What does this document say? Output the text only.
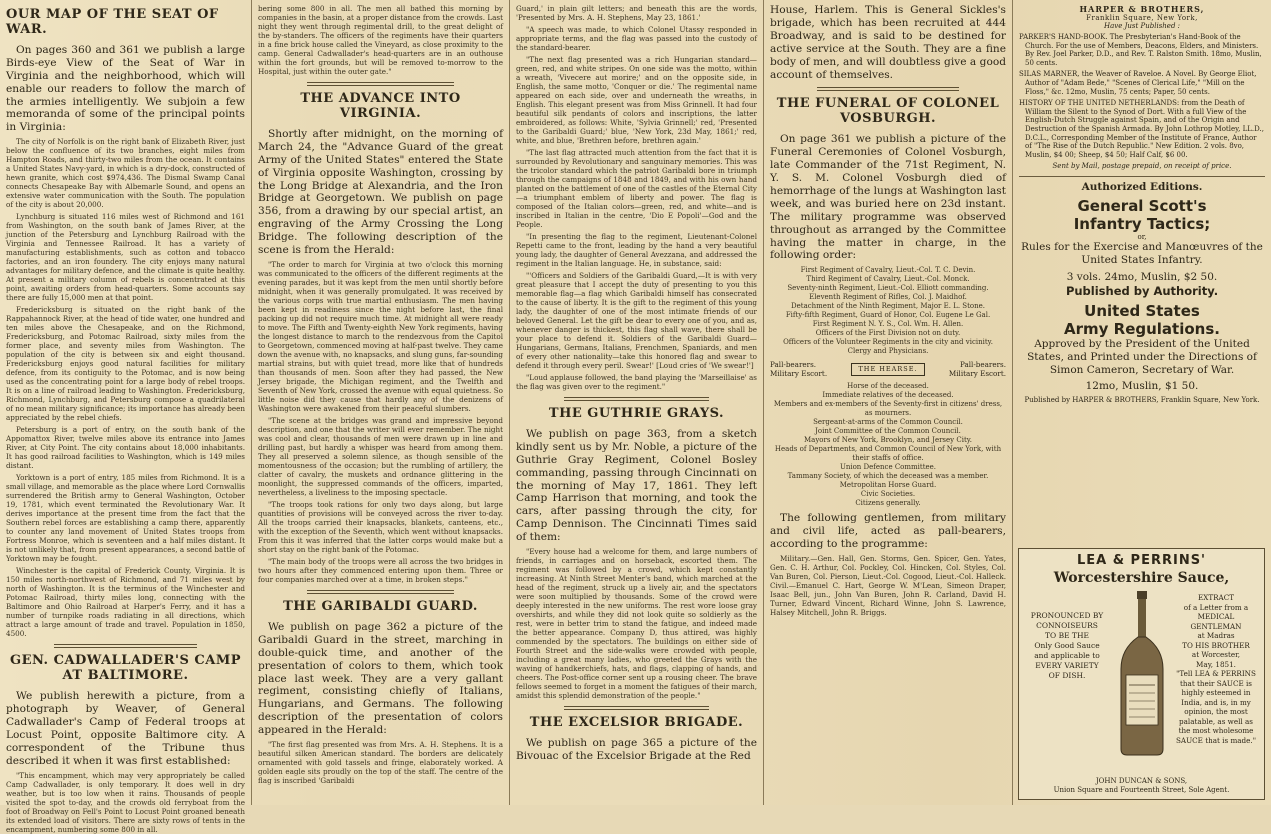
OUR MAP OF THE SEAT OF WAR.

On pages 360 and 361 we publish a large Birds-eye View of the Seat of War in Virginia and the neighborhood, which will enable our readers to follow the march of the armies intelligently. We subjoin a few memoranda of some of the principal points in Virginia:

The city of Norfolk is on the right bank of Elizabeth River, just below the confluence of its two branches, eight miles from Hampton Roads, and thirty-two miles from the ocean. It contains a United States Navy-yard, in which is a dry-dock, constructed of hewn granite, which cost $974,436. The Dismal Swamp Canal connects Chesapeake Bay with Albemarle Sound, and opens an extensive water communication with the South. The population of the city is about 20,000.

Lynchburg is situated 116 miles west of Richmond and 161 from Washington, on the south bank of James River, at the junction of the Petersburg and Lynchburg Railroad with the Virginia and Tennessee Railroad. It has a variety of manufacturing establishments, such as cotton and tobacco factories, and an iron foundery. The city enjoys many natural advantages for military defence, and the climate is quite healthy. At present a military column of rebels is concentrated at this point, awaiting orders from head-quarters. Some accounts say there are fully 15,000 men at that point.

Fredericksburg is situated on the right bank of the Rappahannock River, at the head of tide water, one hundred and ten miles above the Chesapeake, and on the Richmond, Fredericksburg, and Potomac Railroad, sixty miles from the former place, and seventy miles from Washington. The population of the city is between six and eight thousand. Fredericksburg enjoys good natural facilities for military defence, from its contiguity to the Potomac, and is now being used as the concentrating point for a large body of rebel troops. It is on a line of railroad leading to Washington. Fredericksburg, Richmond, Lynchburg, and Petersburg compose a quadrilateral of no mean military significance; its importance has already been appreciated by the rebel chiefs.

Petersburg is a port of entry, on the south bank of the Appomattox River, twelve miles above its entrance into James River, at City Point. The city contains about 18,000 inhabitants. It has good railroad facilities to Washington, which is 149 miles distant.

Yorktown is a port of entry, 185 miles from Richmond. It is a small village, and memorable as the place where Lord Cornwallis surrendered the British army to General Washington, October 19, 1781, which event terminated the Revolutionary War. It derives importance at the present time from the fact that the Southern rebel forces are establishing a camp there, apparently to counter any land movement of United States troops from Fortress Monroe, which is seventeen and a half miles distant. It is not unlikely that, from present appearances, a second battle of Yorktown may be fought.

Winchester is the capital of Frederick County, Virginia. It is 150 miles north-northwest of Richmond, and 71 miles west by north of Washington. It is the terminus of the Winchester and Potomac Railroad, thirty miles long, connecting with the Baltimore and Ohio Railroad at Harper's Ferry, and it has a number of turnpike roads radiating in all directions, which attract a large amount of trade and travel. Population in 1850, 4500.

GEN. CADWALLADER'S CAMP AT BALTIMORE.

We publish herewith a picture, from a photograph by Weaver, of General Cadwallader's Camp of Federal troops at Locust Point, opposite Baltimore city. A correspondent of the Tribune thus described it when it was first established:

"This encampment, which may very appropriately be called Camp Cadwallader, is only temporary. It does well in dry weather, but is too low when it rains. Thousands of people visited the spot to-day, and the crowds old ferryboat from the foot of Broadway on Fell's Point to Locust Point groaned beneath its extended load of visitors. There are sixty rows of tents in the encampment, numbering some 800 in all.

bering some 800 in all. The men all bathed this morning by companies in the basin, at a proper distance from the crowds. Last night they went through regimental drill, to the great delight of the by-standers. The officers of the regiments have their quarters in a fine brick house called the Vineyard, as close proximity to the camp. General Cadwallader's head-quarters are in an outhouse within the fort grounds, but will be removed to-morrow to the Hospital, just within the outer gate."

THE ADVANCE INTO VIRGINIA.

Shortly after midnight, on the morning of March 24, the "Advance Guard of the great Army of the United States" entered the State of Virginia opposite Washington, crossing by the Long Bridge at Alexandria, and the Iron Bridge at Georgetown. We publish on page 356, from a drawing by our special artist, an engraving of the Army Crossing the Long Bridge. The following description of the scene is from the Herald:

"The order to march for Virginia at two o'clock this morning was communicated to the officers of the different regiments at the evening parades, but it was kept from the men until shortly before midnight, when it was generally promulgated. It was received by the various corps with true martial enthusiasm. The men having been kept in readiness since the night before last, the final packing up did not require much time. At midnight all were ready to move. The Fifth and Twenty-eighth New York regiments, having the longest distance to march to the rendezvous from the Capitol to Georgetown, commenced moving at half-past twelve. They came down the avenue with, no knapsacks, and slung guns, far-sounding martial strains, but with quiet tread, more like that of hundreds than thousands of men. Soon after they had passed, the New Jersey brigade, the Michigan regiment, and the Twelfth and Seventh of New York, crossed the avenue with equal quietness. So little noise did they cause that hardly any of the denizens of Washington were awakened from their peaceful slumbers.

"The scene at the bridges was grand and impressive beyond description, and one that the writer will ever remember. The night was cool and clear, thousands of men were drawn up in line and drilling past, but hardly a whisper was heard from among them. They all preserved a solemn silence, as though sensible of the momentousness of the occasion; but the rumbling of artillery, the clatter of cavalry, the muskets and ordnance glittering in the moonlight, the suppressed commands of the officers, imparted, nevertheless, a liveliness to the imposing spectacle.

"The troops took rations for only two days along, but large quantities of provisions will be conveyed across the river to-day. All the troops carried their knapsacks, blankets, canteens, etc., with the exception of the Seventh, which went without knapsacks. From this it was inferred that the latter corps would make but a short stay on the right bank of the Potomac.

"The main body of the troops were all across the two bridges in two hours after they commenced entering upon them. Three or four companies marched over at a time, in broken steps."

THE GARIBALDI GUARD.

We publish on page 362 a picture of the Garibaldi Guard in the street, marching in double-quick time, and another of the presentation of colors to them, which took place last week. They are a very gallant regiment, consisting chiefly of Italians, Hungarians, and Germans. The following description of the presentation of colors appeared in the Herald:

"The first flag presented was from Mrs. A. H. Stephens. It is a beautiful silken American standard. The borders are delicately ornamented with gold tassels and fringe, elaborately worked. A golden eagle sits proudly on the top of the staff. The centre of the flag is inscribed 'Garibaldi

Guard,' in plain gilt letters; and beneath this are the words, 'Presented by Mrs. A. H. Stephens, May 23, 1861.'

"A speech was made, to which Colonel Utassy responded in appropriate terms, and the flag was passed into the custody of the standard-bearer.

"The next flag presented was a rich Hungarian standard—green, red, and white stripes. On one side was the motto, within a wreath, 'Vivecere aut morire;' and on the opposite side, in English, the same motto, 'Conquer or die.' The regimental name appeared on each side, over and underneath the wreaths, in English. This elegant present was from Miss Grinnell. It had four beautiful silk pendants of colors and inscriptions, the latter embroidered, as follows: White, 'Sylvia Grinnell;' red, 'Presented to the Garibaldi Guard;' blue, 'New York, 23d May, 1861;' red, white, and blue, 'Brethren before, brethren again.'

"The last flag attracted much attention from the fact that it is surrounded by Revolutionary and sanguinary memories. This was the tricolor standard which the patriot Garibaldi bore in triumph through the campaigns of 1848 and 1849, and with his own hand planted on the battlement of one of the castles of the Eternal City—a triumphant emblem of liberty and power. The flag is composed of the Italian colors—green, red, and white—and is inscribed in Italian in the centre, 'Dio E Popoli'—God and the People.

"In presenting the flag to the regiment, Lieutenant-Colonel Repetti came to the front, leading by the hand a very beautiful young lady, the daughter of General Avezzana, and addressed the regiment in the Italian language. He, in substance, said:

"'Officers and Soldiers of the Garibaldi Guard,—It is with very great pleasure that I accept the duty of presenting to you this memorable flag—a flag which Garibaldi himself has consecrated to the cause of liberty. It is the gift to the regiment of this young lady, the daughter of one of the most intimate friends of our beloved General. Let the gift be dear to every one of you, and as, whenever danger is thickest, this flag shall wave, there shall be your place to defend it. Soldiers of the Garibaldi Guard—Hungarians, Germans, Italians, Frenchmen, Spaniards, and men of every other nationality—take this honored flag and swear to defend it through every peril. Swear!' [Loud cries of 'We swear!']

"Loud applause followed, the band playing the 'Marseillaise' as the flag was given over to the regiment."

THE GUTHRIE GRAYS.

We publish on page 363, from a sketch kindly sent us by Mr. Noble, a picture of the Guthrie Gray Regiment, Colonel Bosley commanding, passing through Cincinnati on the morning of May 17, 1861. They left Camp Harrison that morning, and took the cars, after passing through the city, for Camp Dennison. The Cincinnati Times said of them:

"Every house had a welcome for them, and large numbers of friends, in carriages and on horseback, escorted them. The regiment was followed by a crowd, which kept constantly increasing. At Ninth Street Menter's band, which marched at the head of the regiment, struck up a lively air, and the spectators were soon multiplied by thousands. Some of the crowd were deeply interested in the new uniforms. The rest wore loose gray overshirts, and while they did not look quite so soldierly as the rest, were in better trim to stand the fatigue, and indeed made the better appearance. Company D, thus attired, was highly commended by the spectators. The buildings on either side of Fourth Street and the side-walks were crowded with people, including a great many ladies, who greeted the Grays with the waving of handkerchiefs, hats, and flags, clapping of hands, and cheers. The Post-office corner sent up a rousing cheer. The brave fellows seemed to forget in a moment the fatigues of their march, amidst this splendid demonstration of the people."

THE EXCELSIOR BRIGADE.

We publish on page 365 a picture of the Bivouac of the Excelsior Brigade at the Red

House, Harlem. This is General Sickles's brigade, which has been recruited at 444 Broadway, and is said to be destined for active service at the South. They are a fine body of men, and will doubtless give a good account of themselves.

THE FUNERAL OF COLONEL VOSBURGH.

On page 361 we publish a picture of the Funeral Ceremonies of Colonel Vosburgh, late Commander of the 71st Regiment, N. Y. S. M. Colonel Vosburgh died of hemorrhage of the lungs at Washington last week, and was buried here on 23d instant. The military programme was observed throughout as arranged by the Committee having the matter in charge, in the following order:

First Regiment of Cavalry, Lieut.-Col. T. C. Devin.
Third Regiment of Cavalry, Lieut.-Col. Monck.
Seventy-ninth Regiment, Lieut.-Col. Elliott commanding.
Eleventh Regiment of Rifles, Col. J. Maidhof.
Detachment of the Ninth Regiment, Major E. L. Stone.
Fifty-fifth Regiment, Guard of Honor, Col. Eugene Le Gal.
First Regiment N. Y. S., Col. Wm. H. Allen.
Officers of the First Division not on duty.
Officers of the Volunteer Regiments in the city and vicinity.
Clergy and Physicians.
Pall-bearers. Military Escort.
THE HEARSE.	Pall-bearers. Military Escort.
Horse of the deceased.
Immediate relatives of the deceased.
Members and ex-members of the Seventy-first in citizens' dress, as mourners.
Sergeant-at-arms of the Common Council.
Joint Committee of the Common Council.
Mayors of New York, Brooklyn, and Jersey City.
Heads of Departments, and Common Council of New York, with their staffs of office.
Union Defence Committee.
Tammany Society, of which the deceased was a member.
Metropolitan Horse Guard.
Civic Societies.
Citizens generally.

The following gentlemen, from military and civil life, acted as pall-bearers, according to the programme:

Military.—Gen. Hall, Gen. Storms, Gen. Spicer, Gen. Yates, Gen. C. H. Arthur, Col. Pockley, Col. Hincken, Col. Styles, Col. Van Buren, Col. Pierson, Lieut.-Col. Cogood, Lieut.-Col. Halleck. Civil.—Emanuel C. Hart, George W. M'Lean, Simeon Draper, Isaac Bell, jun., John Van Buren, John R. Carland, David H. Turner, Edward Vincent, Richard Winne, John S. Lawrence, Halsey Mitchell, John R. Briggs.

HARPER & BROTHERS,
Franklin Square, New York,
Have Just Published :
PARKER'S HAND-BOOK. The Presbyterian's Hand-Book of the Church. For the use of Members, Deacons, Elders, and Ministers. By Rev. Joel Parker, D.D., and Rev. T. Ralston Smith. 18mo, Muslin, 50 cents.
SILAS MARNER, the Weaver of Raveloe. A Novel. By George Eliot, Author of "Adam Bede," "Scenes of Clerical Life," "Mill on the Floss," &c. 12mo, Muslin, 75 cents; Paper, 50 cents.
HISTORY OF THE UNITED NETHERLANDS: from the Death of William the Silent to the Synod of Dort. With a full View of the English-Dutch Struggle against Spain, and of the Origin and Destruction of the Spanish Armada. By John Lothrop Motley, LL.D., D.C.L., Corresponding Member of the Institute of France, Author of "The Rise of the Dutch Republic." New Edition. 2 vols. 8vo, Muslin, $4 00; Sheep, $4 50; Half Calf, $6 00.
Sent by Mail, postage prepaid, on receipt of price.
Authorized Editions.
General Scott's
Infantry Tactics;
or,
Rules for the Exercise and Manœuvres of the United States Infantry.
3 vols. 24mo, Muslin, $2 50.
Published by Authority.
United States
Army Regulations.
Approved by the President of the United States, and Printed under the Directions of Simon Cameron, Secretary of War.
12mo, Muslin, $1 50.
Published by HARPER & BROTHERS, Franklin Square, New York.
LEA & PERRINS'
Worcestershire Sauce,
PRONOUNCED BY
CONNOISEURS
TO BE THE
Only Good Sauce
and applicable to
EVERY VARIETY
OF DISH.
EXTRACT
of a Letter from a
MEDICAL GENTLEMAN
at Madras
TO HIS BROTHER
at Worcester,
May, 1851.
"Tell LEA & PERRINS that their SAUCE is highly esteemed in India, and is, in my opinion, the most palatable, as well as the most wholesome SAUCE that is made."
JOHN DUNCAN & SONS,
Union Square and Fourteenth Street, Sole Agent.
